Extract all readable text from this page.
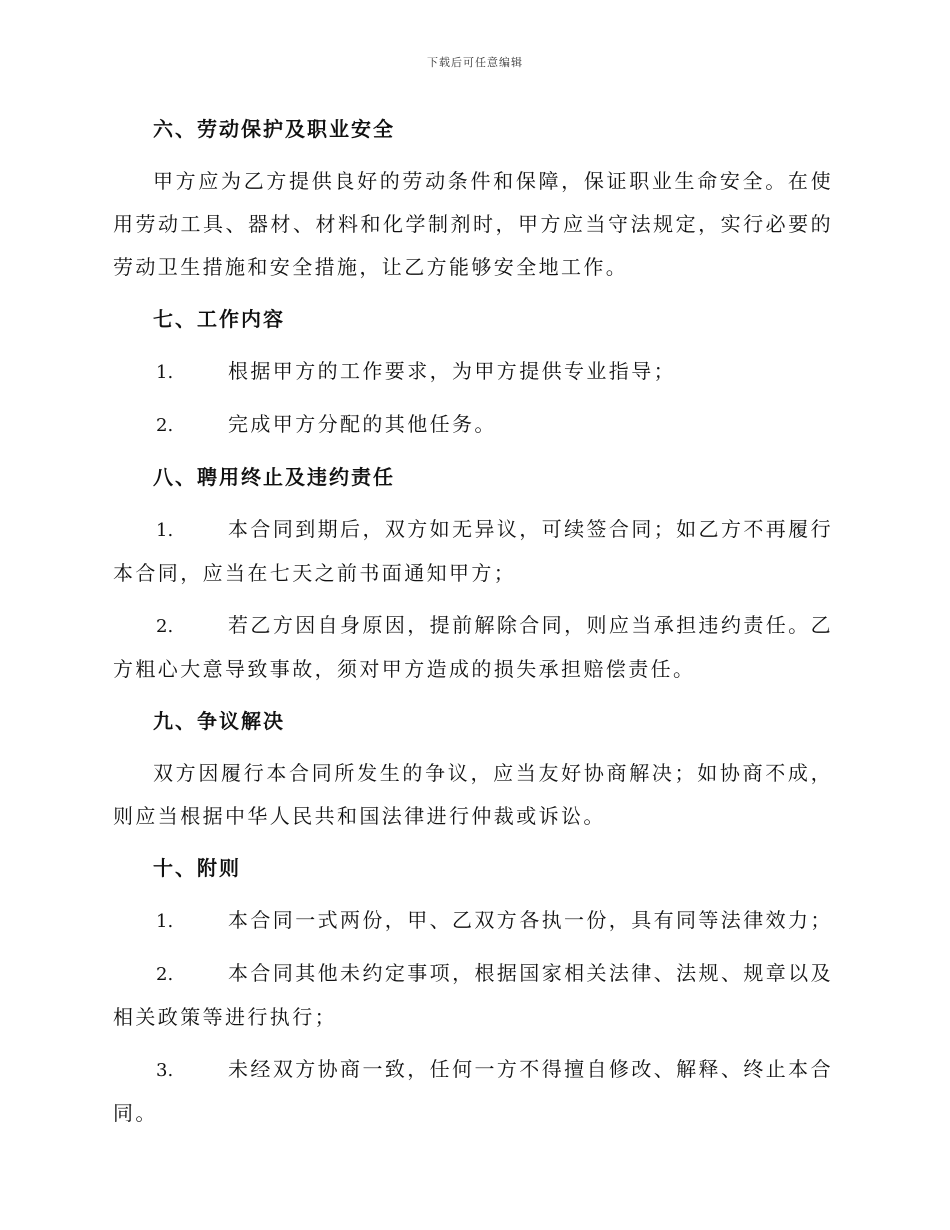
下载后可任意编辑
六、劳动保护及职业安全
甲方应为乙方提供良好的劳动条件和保障，保证职业生命安全。在使用劳动工具、器材、材料和化学制剂时，甲方应当守法规定，实行必要的劳动卫生措施和安全措施，让乙方能够安全地工作。
七、工作内容
1.	根据甲方的工作要求，为甲方提供专业指导；
2.	完成甲方分配的其他任务。
八、聘用终止及违约责任
1.	本合同到期后，双方如无异议，可续签合同；如乙方不再履行本合同，应当在七天之前书面通知甲方；
2.	若乙方因自身原因，提前解除合同，则应当承担违约责任。乙方粗心大意导致事故，须对甲方造成的损失承担赔偿责任。
九、争议解决
双方因履行本合同所发生的争议，应当友好协商解决；如协商不成，则应当根据中华人民共和国法律进行仲裁或诉讼。
十、附则
1.	本合同一式两份，甲、乙双方各执一份，具有同等法律效力；
2.	本合同其他未约定事项，根据国家相关法律、法规、规章以及相关政策等进行执行；
3.	未经双方协商一致，任何一方不得擅自修改、解释、终止本合同。
